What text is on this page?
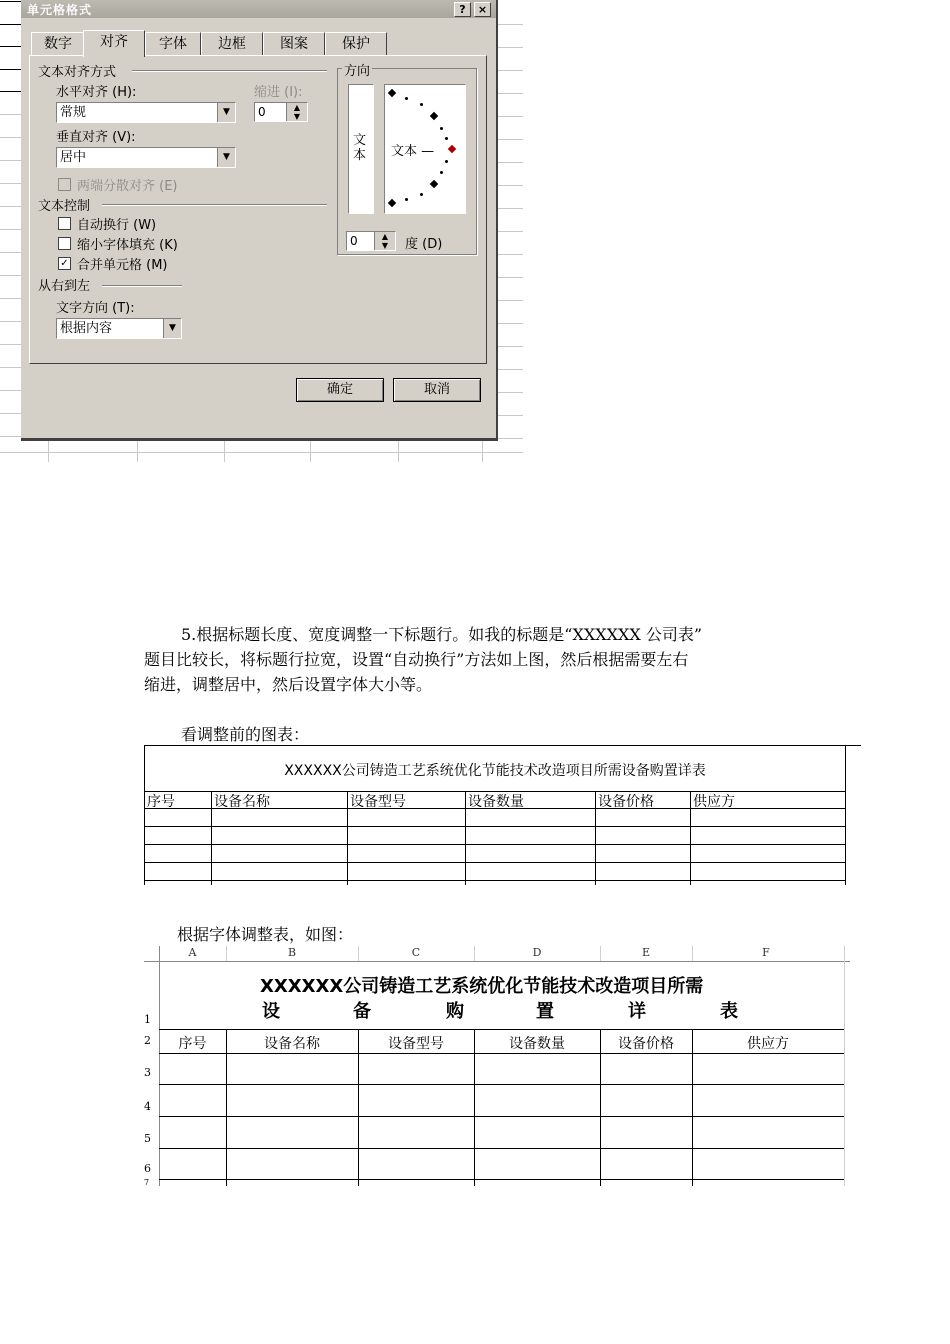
单元格格式	?	×
数字	对齐	字体	边框	图案	保护
文本对齐方式
水平对齐 (H):	缩进 (I):
常规	▼	0	▲
▼
垂直对齐 (V):
居中	▼
两端分散对齐 (E)
文本控制
自动换行 (W)
缩小字体填充 (K)
✓ 合并单元格 (M)
从右到左
文字方向 (T):
根据内容	▼
方向
文本 文本 —
0	▲
▼	度 (D)
确定	取消
5.根据标题长度、宽度调整一下标题行。如我的标题是“XXXXXX 公司表”
题目比较长，将标题行拉宽，设置“自动换行”方法如上图，然后根据需要左右
缩进，调整居中，然后设置字体大小等。
看调整前的图表：
XXXXXX公司铸造工艺系统优化节能技术改造项目所需设备购置详表
序号	设备名称	设备型号	设备数量	设备价格	供应方
根据字体调整表，如图：
A	B	C	D	E	F
1
2
3
4
5
6
7
XXXXXX公司铸造工艺系统优化节能技术改造项目所需
设	备	购	置	详	表
序号	设备名称	设备型号	设备数量	设备价格	供应方
